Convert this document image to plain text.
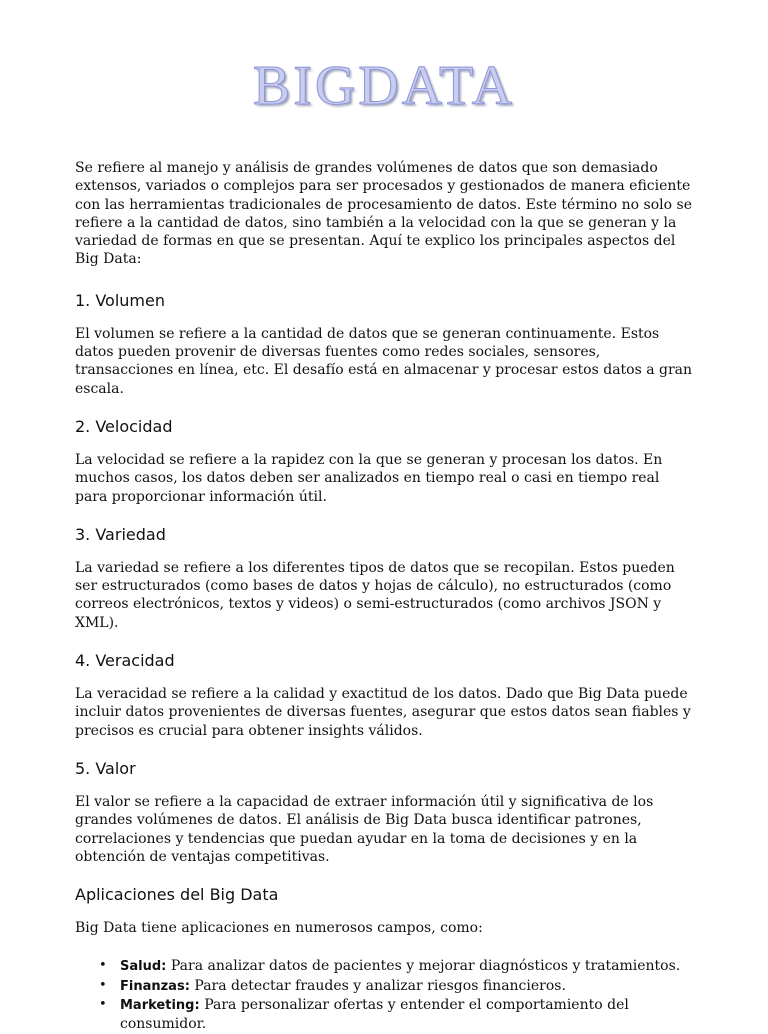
BIGDATA

Se refiere al manejo y análisis de grandes volúmenes de datos que son demasiado extensos, variados o complejos para ser procesados y gestionados de manera eficiente con las herramientas tradicionales de procesamiento de datos. Este término no solo se refiere a la cantidad de datos, sino también a la velocidad con la que se generan y la variedad de formas en que se presentan. Aquí te explico los principales aspectos del Big Data:

1. Volumen

El volumen se refiere a la cantidad de datos que se generan continuamente. Estos datos pueden provenir de diversas fuentes como redes sociales, sensores, transacciones en línea, etc. El desafío está en almacenar y procesar estos datos a gran escala.

2. Velocidad

La velocidad se refiere a la rapidez con la que se generan y procesan los datos. En muchos casos, los datos deben ser analizados en tiempo real o casi en tiempo real para proporcionar información útil.

3. Variedad

La variedad se refiere a los diferentes tipos de datos que se recopilan. Estos pueden ser estructurados (como bases de datos y hojas de cálculo), no estructurados (como correos electrónicos, textos y videos) o semi-estructurados (como archivos JSON y XML).

4. Veracidad

La veracidad se refiere a la calidad y exactitud de los datos. Dado que Big Data puede incluir datos provenientes de diversas fuentes, asegurar que estos datos sean fiables y precisos es crucial para obtener insights válidos.

5. Valor

El valor se refiere a la capacidad de extraer información útil y significativa de los grandes volúmenes de datos. El análisis de Big Data busca identificar patrones, correlaciones y tendencias que puedan ayudar en la toma de decisiones y en la obtención de ventajas competitivas.

Aplicaciones del Big Data

Big Data tiene aplicaciones en numerosos campos, como:

• Salud: Para analizar datos de pacientes y mejorar diagnósticos y tratamientos.
• Finanzas: Para detectar fraudes y analizar riesgos financieros.
• Marketing: Para personalizar ofertas y entender el comportamiento del consumidor.
